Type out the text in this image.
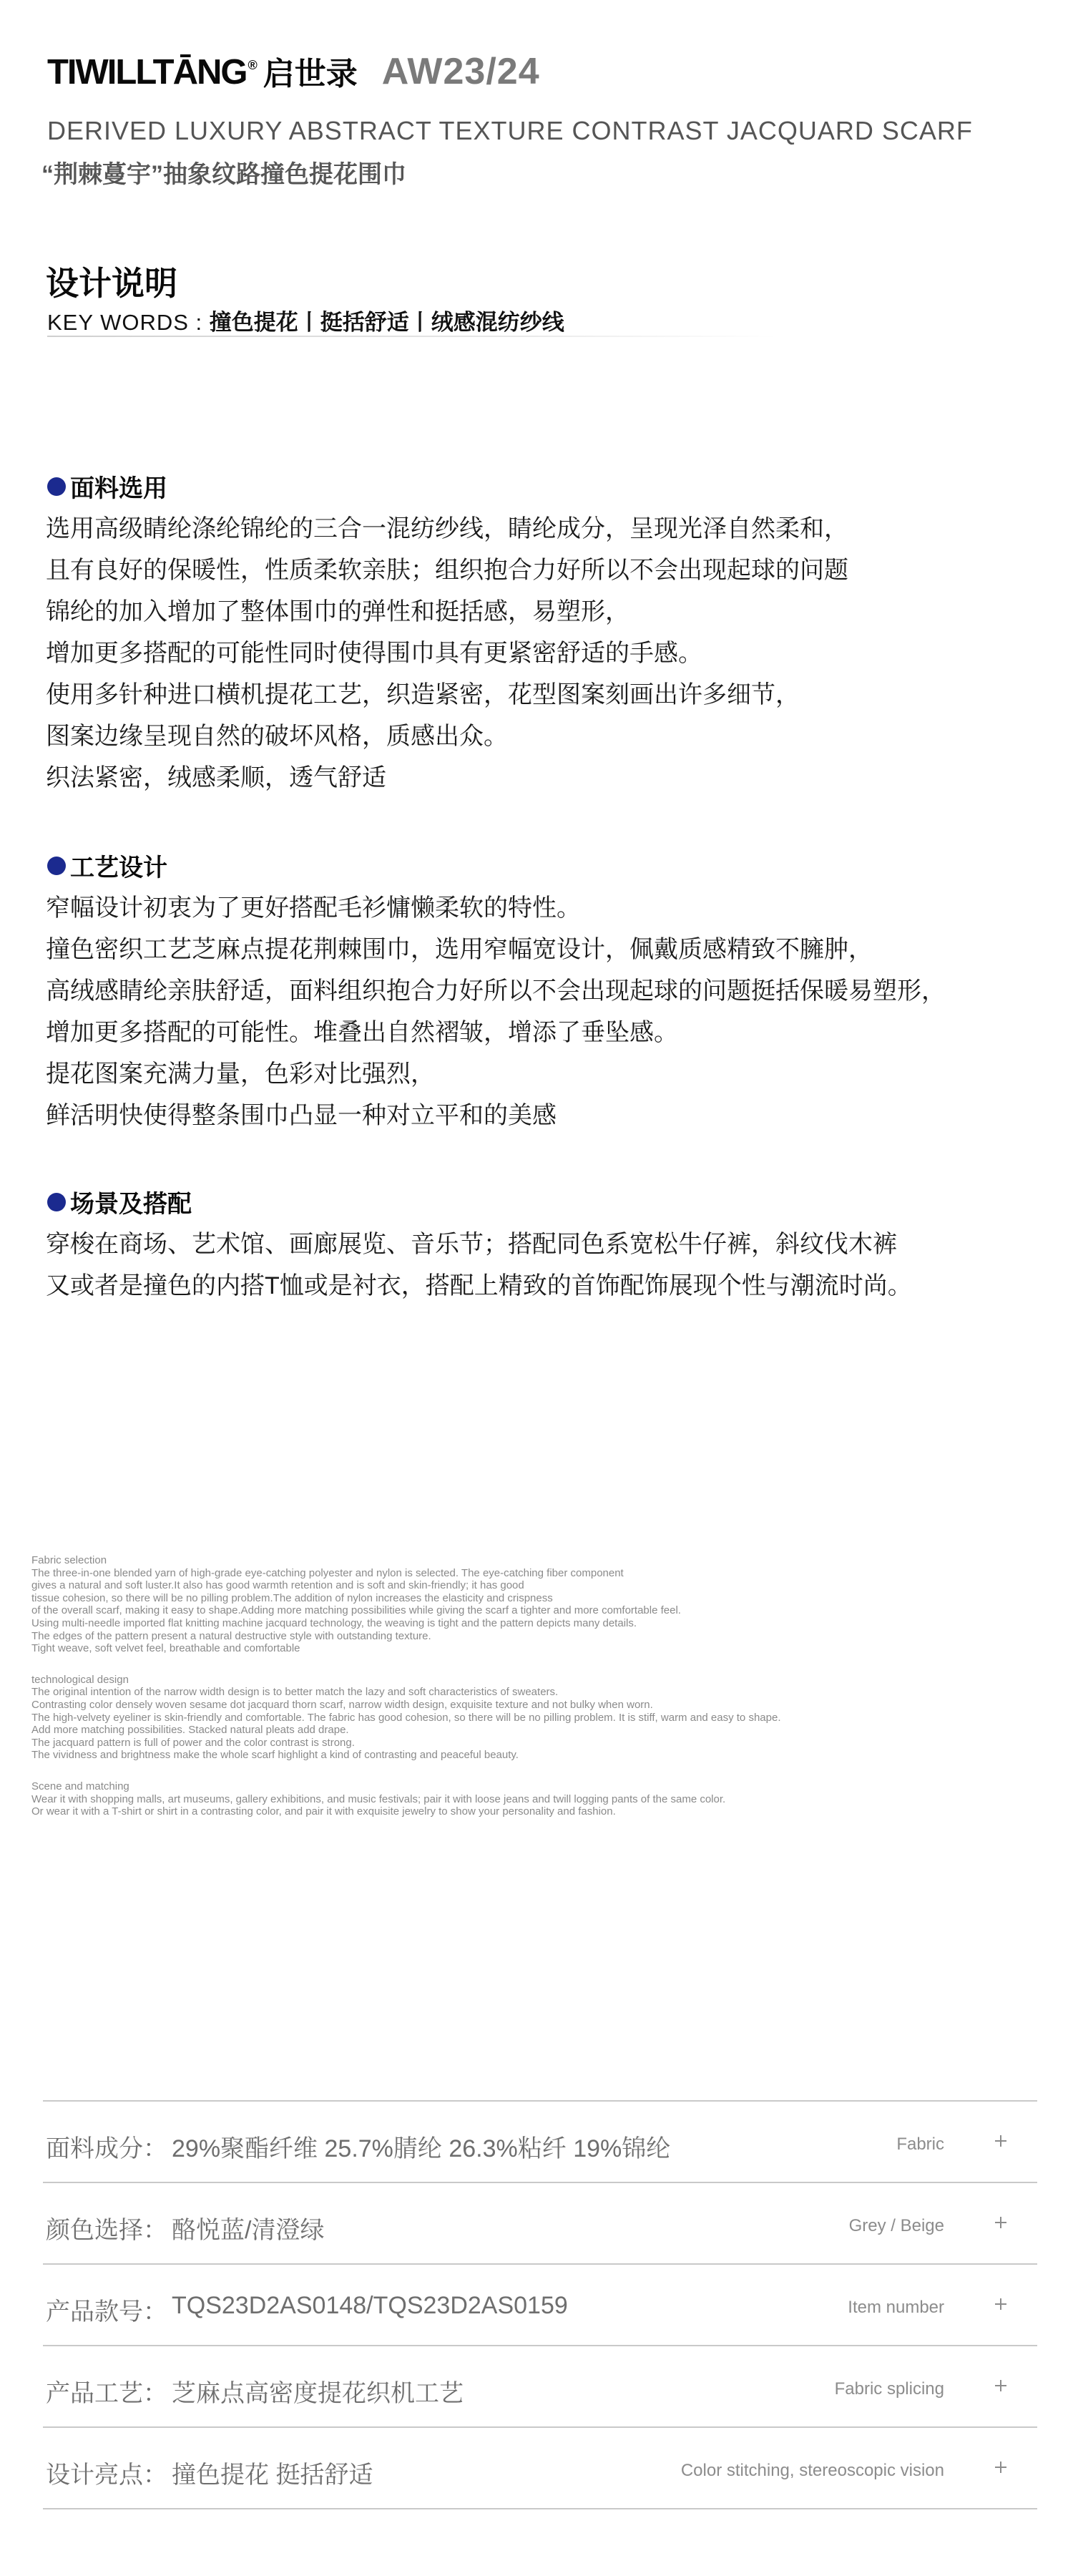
TIWILLTĀNG ® 启世录 AW23/24
DERIVED LUXURY ABSTRACT TEXTURE CONTRAST JACQUARD SCARF
“荆棘蔓宇”抽象纹路撞色提花围巾
设计说明
KEY WORDS : 撞色提花丨挺括舒适丨绒感混纺纱线
面料选用
选用高级睛纶涤纶锦纶的三合一混纺纱线，睛纶成分，呈现光泽自然柔和，
且有良好的保暖性，性质柔软亲肤；组织抱合力好所以不会出现起球的问题
锦纶的加入增加了整体围巾的弹性和挺括感，易塑形，
增加更多搭配的可能性同时使得围巾具有更紧密舒适的手感。
使用多针种进口横机提花工艺，织造紧密，花型图案刻画出许多细节，
图案边缘呈现自然的破坏风格，质感出众。
织法紧密，绒感柔顺，透气舒适
工艺设计
窄幅设计初衷为了更好搭配毛衫慵懒柔软的特性。
撞色密织工艺芝麻点提花荆棘围巾，选用窄幅宽设计，佩戴质感精致不臃肿，
高绒感睛纶亲肤舒适，面料组织抱合力好所以不会出现起球的问题挺括保暖易塑形，
增加更多搭配的可能性。堆叠出自然褶皱，增添了垂坠感。
提花图案充满力量，色彩对比强烈，
鲜活明快使得整条围巾凸显一种对立平和的美感
场景及搭配
穿梭在商场、艺术馆、画廊展览、音乐节；搭配同色系宽松牛仔裤，斜纹伐木裤
又或者是撞色的内搭T恤或是衬衣，搭配上精致的首饰配饰展现个性与潮流时尚。
Fabric selection
The three-in-one blended yarn of high-grade eye-catching polyester and nylon is selected. The eye-catching fiber component
gives a natural and soft luster.It also has good warmth retention and is soft and skin-friendly; it has good
tissue cohesion, so there will be no pilling problem.The addition of nylon increases the elasticity and crispness
of the overall scarf, making it easy to shape.Adding more matching possibilities while giving the scarf a tighter and more comfortable feel.
Using multi-needle imported flat knitting machine jacquard technology, the weaving is tight and the pattern depicts many details.
The edges of the pattern present a natural destructive style with outstanding texture.
Tight weave, soft velvet feel, breathable and comfortable
technological design
The original intention of the narrow width design is to better match the lazy and soft characteristics of sweaters.
Contrasting color densely woven sesame dot jacquard thorn scarf, narrow width design, exquisite texture and not bulky when worn.
The high-velvety eyeliner is skin-friendly and comfortable. The fabric has good cohesion, so there will be no pilling problem. It is stiff, warm and easy to shape.
Add more matching possibilities. Stacked natural pleats add drape.
The jacquard pattern is full of power and the color contrast is strong.
The vividness and brightness make the whole scarf highlight a kind of contrasting and peaceful beauty.
Scene and matching
Wear it with shopping malls, art museums, gallery exhibitions, and music festivals; pair it with loose jeans and twill logging pants of the same color.
Or wear it with a T-shirt or shirt in a contrasting color, and pair it with exquisite jewelry to show your personality and fashion.
面料成分： 29%聚酯纤维 25.7%腈纶 26.3%粘纤 19%锦纶	Fabric
颜色选择： 酪悦蓝/清澄绿	Grey / Beige
产品款号： TQS23D2AS0148/TQS23D2AS0159	Item number
产品工艺： 芝麻点高密度提花织机工艺	Fabric splicing
设计亮点： 撞色提花 挺括舒适	Color stitching, stereoscopic vision
